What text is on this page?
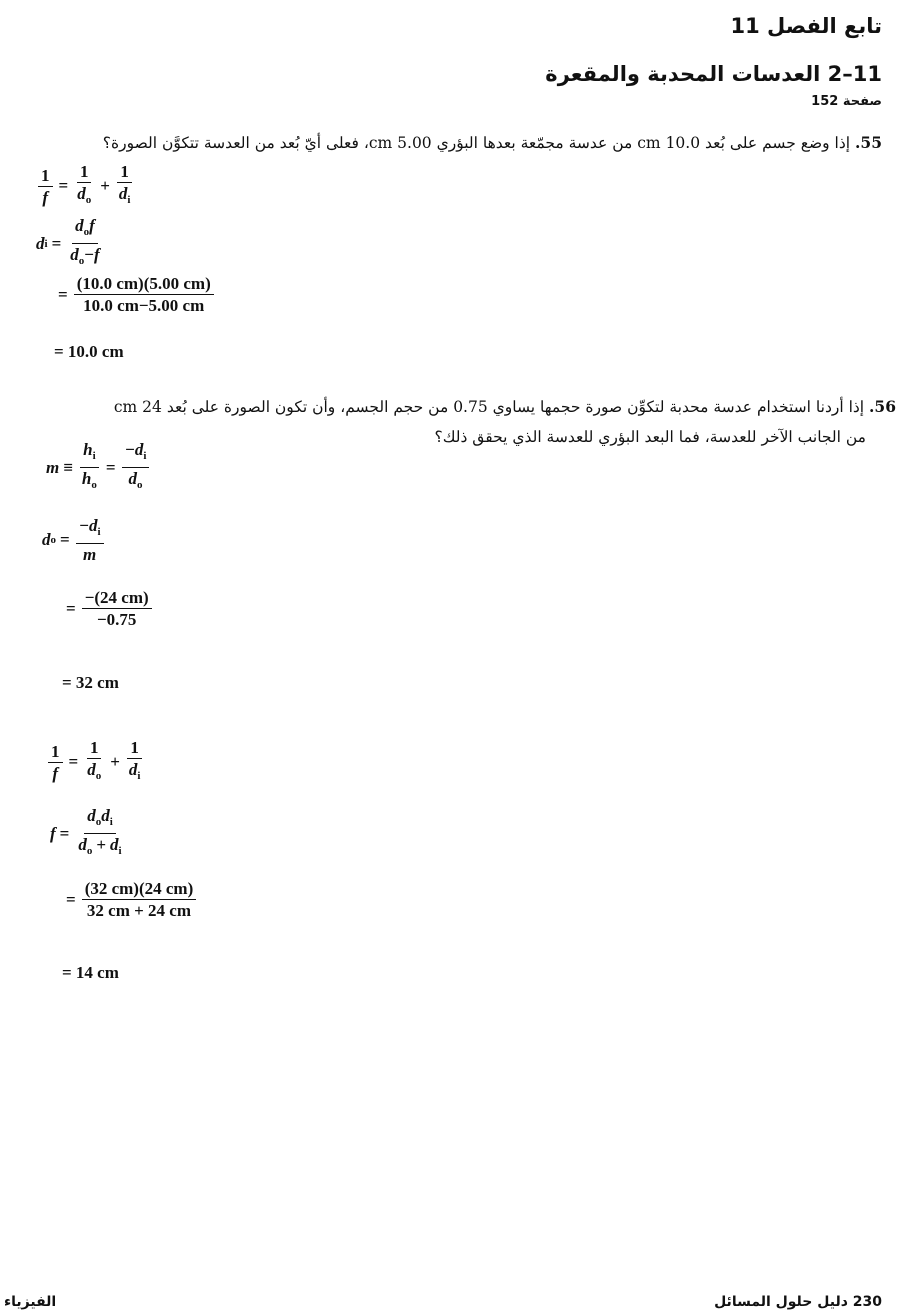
تابع الفصل 11
11–2 العدسات المحدبة والمقعرة
صفحة 152
55. إذا وضع جسم على بُعد 10.0 cm من عدسة مجمّعة بعدها البؤري 5.00 cm، فعلى أيّ بُعد من العدسة تتكوَّن الصورة؟
$\frac{1}{f} = \frac{1}{d_o} + \frac{1}{d_i}$
d $i = \frac{d_of}{d_o-f}$
= $\frac{(10.0 cm)(5.00 cm)}{10.0 cm-5.00 cm}$
= 10.0 cm
56. إذا أردنا استخدام عدسة محدبة لتكوِّن صورة حجمها يساوي 0.75 من حجم الجسم، وأن تكون الصورة على بُعد 24 cm
من الجانب الآخر للعدسة، فما البعد البؤري للعدسة الذي يحقق ذلك؟
$m \equiv \frac{h_i}{h_o} = \frac{-d_i}{d_o}$
d $o = \frac{-d_i}{m}$
= $\frac{-(24 cm)}{-0.75}$
= 32 cm
$\frac{1}{f} = \frac{1}{d_o} + \frac{1}{d_i}$
$f = \frac{d_od_i}{d_o + d_i}$
= $\frac{(32 cm)(24 cm)}{32 cm + 24 cm}$
= 14 cm
الفيزياء	230 دليل حلول المسائل
